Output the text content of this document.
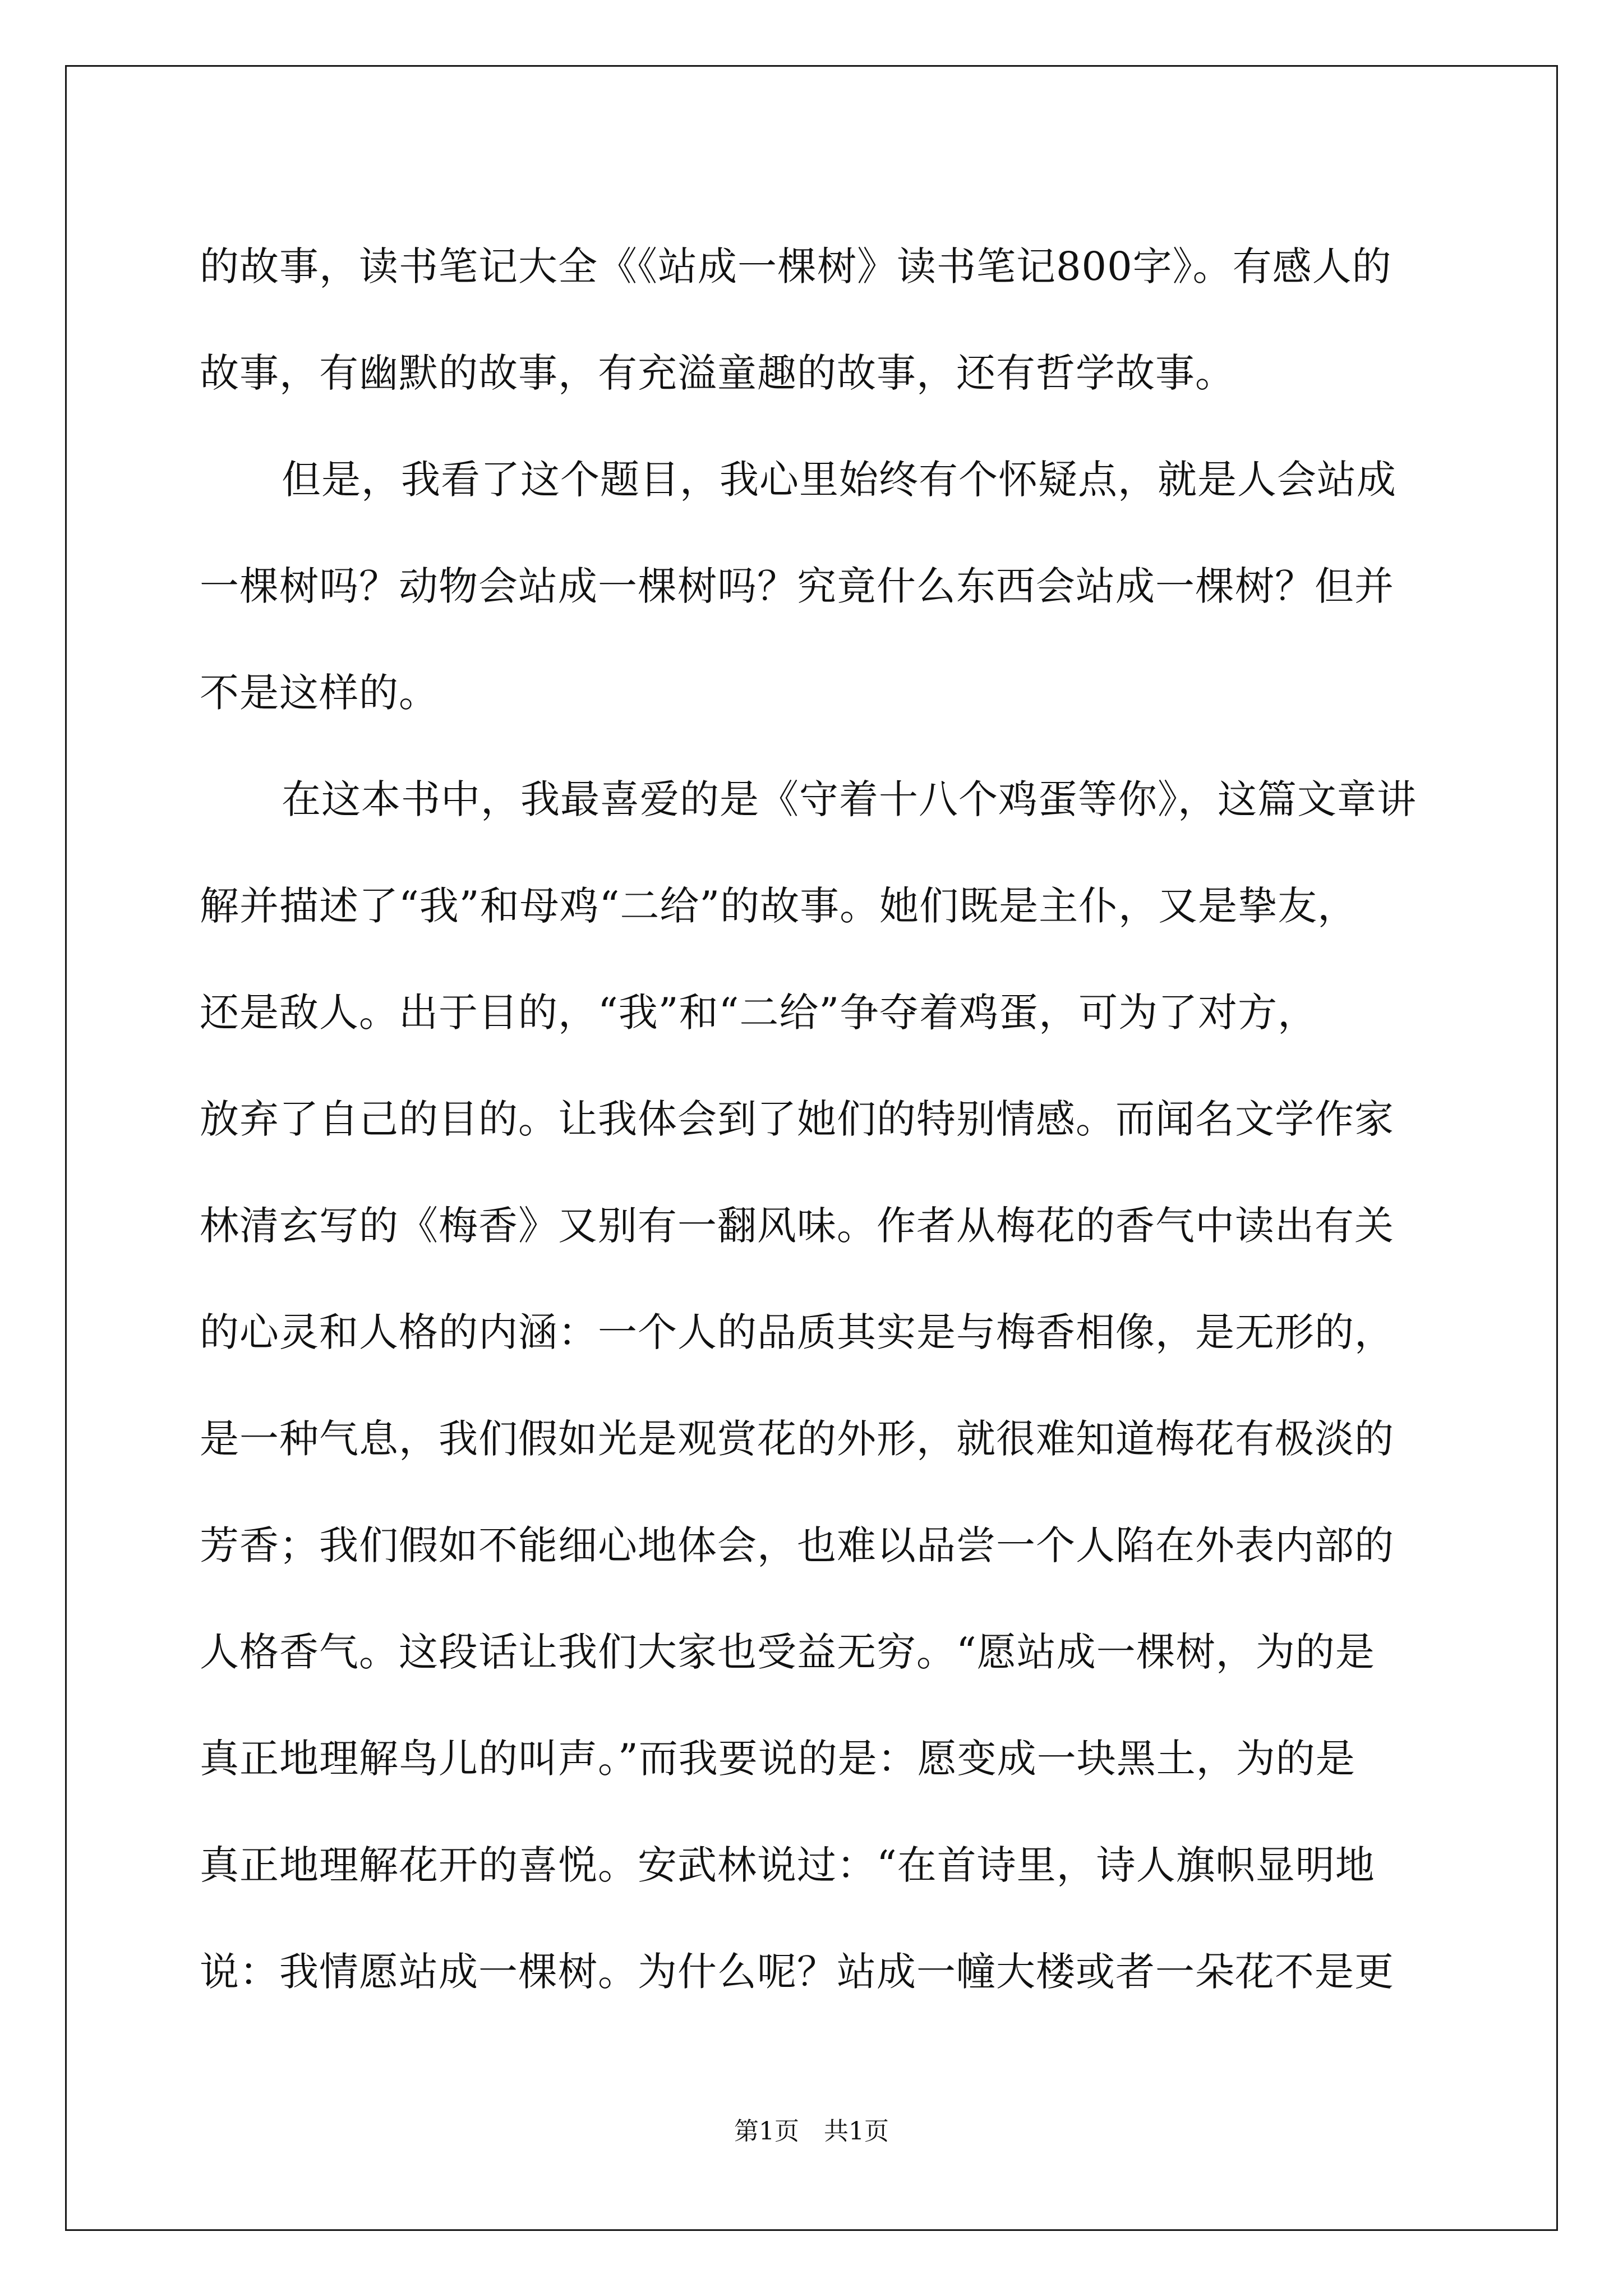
的故事，读书笔记大全《《站成一棵树》读书笔记800字》。有感人的
故事，有幽默的故事，有充溢童趣的故事，还有哲学故事。
但是，我看了这个题目，我心里始终有个怀疑点，就是人会站成
一棵树吗？动物会站成一棵树吗？究竟什么东西会站成一棵树？但并
不是这样的。
在这本书中，我最喜爱的是《守着十八个鸡蛋等你》，这篇文章讲
解并描述了“我”和母鸡“二给”的故事。她们既是主仆，又是挚友，
还是敌人。出于目的，“我”和“二给”争夺着鸡蛋，可为了对方，
放弃了自己的目的。让我体会到了她们的特别情感。而闻名文学作家
林清玄写的《梅香》又别有一翻风味。作者从梅花的香气中读出有关
的心灵和人格的内涵：一个人的品质其实是与梅香相像，是无形的，
是一种气息，我们假如光是观赏花的外形，就很难知道梅花有极淡的
芳香；我们假如不能细心地体会，也难以品尝一个人陷在外表内部的
人格香气。这段话让我们大家也受益无穷。“愿站成一棵树，为的是
真正地理解鸟儿的叫声。”而我要说的是：愿变成一块黑土，为的是
真正地理解花开的喜悦。安武林说过：“在首诗里，诗人旗帜显明地
说：我情愿站成一棵树。为什么呢？站成一幢大楼或者一朵花不是更
第1页 共1页
